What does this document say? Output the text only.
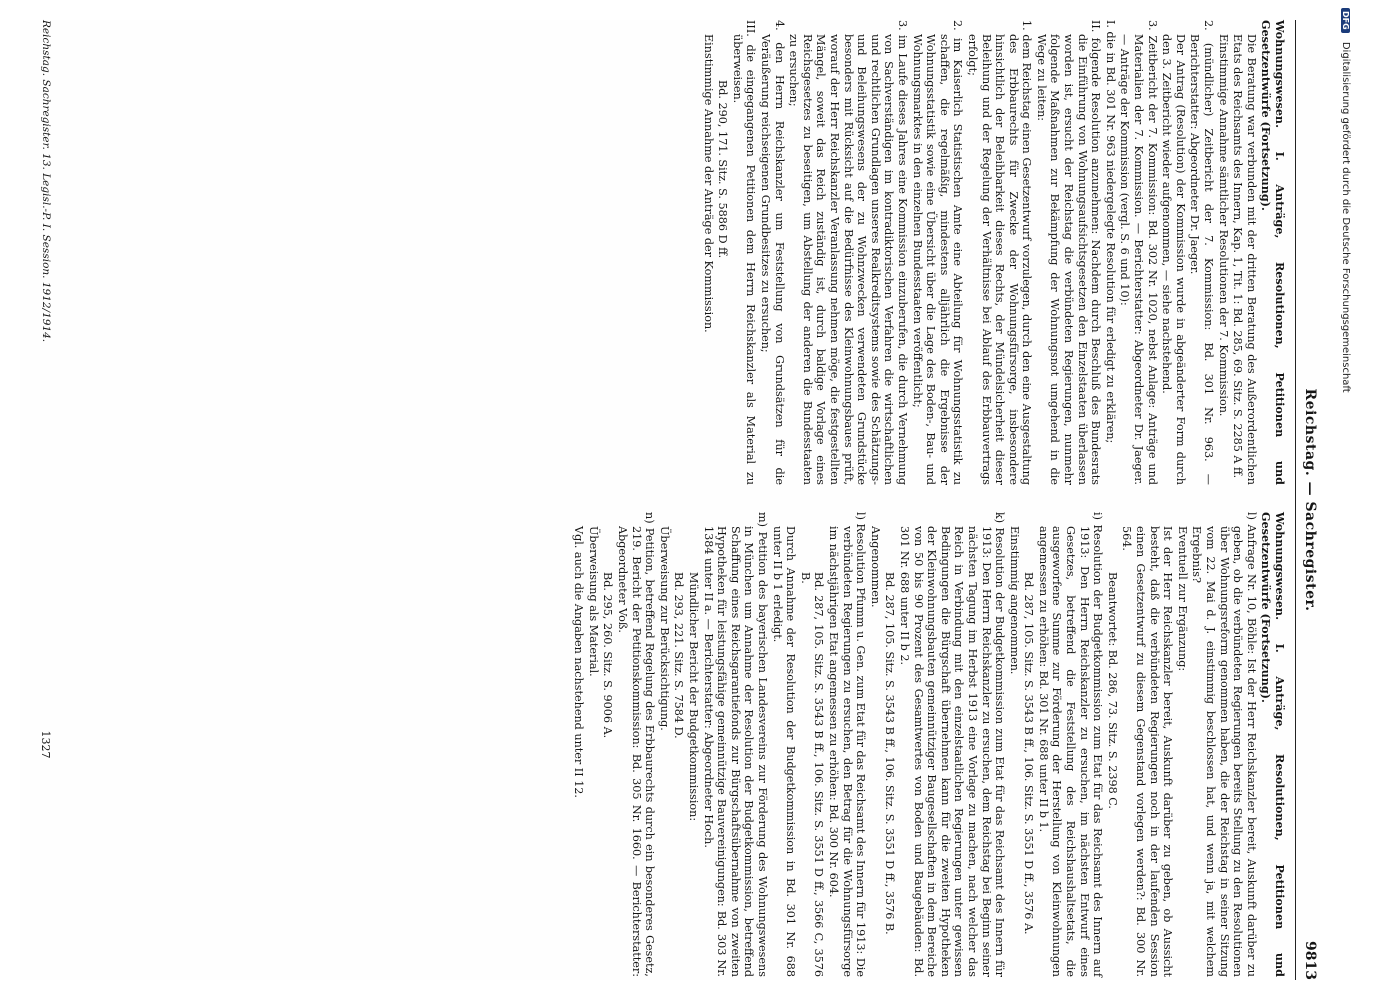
Reichstag. — Sachregister.
9813

Wohnungswesen. I. Anträge, Resolutionen, Petitionen und Gesetzentwürfe (Fortsetzung).

Die Beratung war verbunden mit der dritten Beratung des Außerordentlichen Etats des Reichsamts des Innern, Kap. 1, Tit. 1: Bd. 285, 69. Sitz. S. 2285 A ff.

Einstimmige Annahme sämtlicher Resolutionen der 7. Kommission.

2. (mündlicher) Zeitbericht der 7. Kommission: Bd. 301 Nr. 963. — Berichterstatter: Abgeordneter Dr. Jaeger.

Der Antrag (Resolution) der Kommission wurde in abgeänderter Form durch den 3. Zeitbericht wieder aufgenommen, — siehe nachstehend.

3. Zeitbericht der 7. Kommission: Bd. 302 Nr. 1020, nebst Anlage: Anträge und Materialien der 7. Kommission. — Berichterstatter: Abgeordneter Dr. Jaeger. — Anträge der Kommission (vergl. S. 6 und 10):

I. die in Bd. 301 Nr. 963 niedergelegte Resolution für erledigt zu erklären;

II. folgende Resolution anzunehmen: Nachdem durch Beschluß des Bundesrats die Einführung von Wohnungsaufsichtsgesetzen den Einzelstaaten überlassen worden ist, ersucht der Reichstag die verbündeten Regierungen, nunmehr folgende Maßnahmen zur Bekämpfung der Wohnungsnot umgehend in die Wege zu leiten:

1. dem Reichstag einen Gesetzentwurf vorzulegen, durch den eine Ausgestaltung des Erbbaurechts für Zwecke der Wohnungsfürsorge, insbesondere hinsichtlich der Beleihbarkeit dieses Rechts, der Mündelsicherheit dieser Beleihung und der Regelung der Verhältnisse bei Ablauf des Erbbauvertrags erfolgt;

2. im Kaiserlich Statistischen Amte eine Abteilung für Wohnungsstatistik zu schaffen, die regelmäßig, mindestens alljährlich die Ergebnisse der Wohnungsstatistik sowie eine Übersicht über die Lage des Boden-, Bau- und Wohnungsmarktes in den einzelnen Bundesstaaten veröffentlicht;

3. im Laufe dieses Jahres eine Kommission einzuberufen, die durch Vernehmung von Sachverständigen im kontradiktorischen Verfahren die wirtschaftlichen und rechtlichen Grundlagen unseres Realkreditsystems sowie des Schätzungs- und Beleihungswesens der zu Wohnzwecken verwendeten Grundstücke besonders mit Rücksicht auf die Bedürfnisse des Kleinwohnungsbaues prüft, worauf der Herr Reichskanzler Veranlassung nehmen möge, die festgestellten Mängel, soweit das Reich zuständig ist, durch baldige Vorlage eines Reichsgesetzes zu beseitigen, um Abstellung der anderen die Bundesstaaten zu ersuchen;

4. den Herrn Reichskanzler um Feststellung von Grundsätzen für die Veräußerung reichseigenen Grundbesitzes zu ersuchen;

III. die eingegangenen Petitionen dem Herrn Reichskanzler als Material zu überweisen.

Bd. 290, 171. Sitz. S. 5886 D ff.

Einstimmige Annahme der Anträge der Kommission.

Wohnungswesen. I. Anträge, Resolutionen, Petitionen und Gesetzentwürfe (Fortsetzung).

l) Anfrage Nr. 10, Böhle: Ist der Herr Reichskanzler bereit, Auskunft darüber zu geben, ob die verbündeten Regierungen bereits Stellung zu den Resolutionen über Wohnungsreform genommen haben, die der Reichstag in seiner Sitzung vom 22. Mai d. J. einstimmig beschlossen hat, und wenn ja, mit welchem Ergebnis?

Eventuell zur Ergänzung:

Ist der Herr Reichskanzler bereit, Auskunft darüber zu geben, ob Aussicht besteht, daß die verbündeten Regierungen noch in der laufenden Session einen Gesetzentwurf zu diesem Gegenstand vorlegen werden?: Bd. 300 Nr. 564.

Beantwortet: Bd. 286, 73. Sitz. S. 2398 C.

i) Resolution der Budgetkommission zum Etat für das Reichsamt des Innern auf 1913: Den Herrn Reichskanzler zu ersuchen, im nächsten Entwurf eines Gesetzes, betreffend die Feststellung des Reichshaushaltsetats, die ausgeworfene Summe zur Förderung der Herstellung von Kleinwohnungen angemessen zu erhöhen: Bd. 301 Nr. 688 unter II b 1.

Bd. 287, 105. Sitz. S. 3543 B ff., 106. Sitz. S. 3551 D ff., 3576 A.

Einstimmig angenommen.

k) Resolution der Budgetkommission zum Etat für das Reichsamt des Innern für 1913: Den Herrn Reichskanzler zu ersuchen, dem Reichstag bei Beginn seiner nächsten Tagung im Herbst 1913 eine Vorlage zu machen, nach welcher das Reich in Verbindung mit den einzelstaatlichen Regierungen unter gewissen Bedingungen die Bürgschaft übernehmen kann für die zweiten Hypotheken der Kleinwohnungsbauten gemeinnütziger Baugesellschaften in dem Bereiche von 50 bis 90 Prozent des Gesamtwertes von Boden und Baugebäuden: Bd. 301 Nr. 688 unter II b 2.

Bd. 287, 105. Sitz. S. 3543 B ff., 106. Sitz. S. 3551 D ff., 3576 B.

Angenommen.

l) Resolution Pfumm u. Gen. zum Etat für das Reichsamt des Innern für 1913: Die verbündeten Regierungen zu ersuchen, den Betrag für die Wohnungsfürsorge im nächstjährigen Etat angemessen zu erhöhen: Bd. 300 Nr. 604.

Bd. 287, 105. Sitz. S. 3543 B ff., 106. Sitz. S. 3551 D ff., 3566 C, 3576 B.

Durch Annahme der Resolution der Budgetkommission in Bd. 301 Nr. 688 unter II b 1 erledigt.

m) Petition des bayerischen Landesvereins zur Förderung des Wohnungswesens in München um Annahme der Resolution der Budgetkommission, betreffend Schaffung eines Reichsgarantiefonds zur Bürgschaftsübernahme von zweiten Hypotheken für leistungsfähige gemeinnützige Bauvereinigungen: Bd. 303 Nr. 1384 unter II a. — Berichterstatter: Abgeordneter Hoch.

Mündlicher Bericht der Budgetkommission:

Bd. 293, 221. Sitz. S. 7584 D.

Überweisung zur Berücksichtigung.

n) Petition, betreffend Regelung des Erbbaurechts durch ein besonderes Gesetz, 219. Bericht der Petitionskommission: Bd. 305 Nr. 1660. — Berichterstatter: Abgeordneter Voß.

Bd. 295, 260. Sitz. S. 9006 A.

Überweisung als Material.

Vgl. auch die Angaben nachstehend unter II 12.

Reichstag. Sachregister. 13. Legisl.-P. I. Session. 1912/1914.
1327
DFG Digitalisierung gefördert durch die Deutsche Forschungsgemeinschaft
